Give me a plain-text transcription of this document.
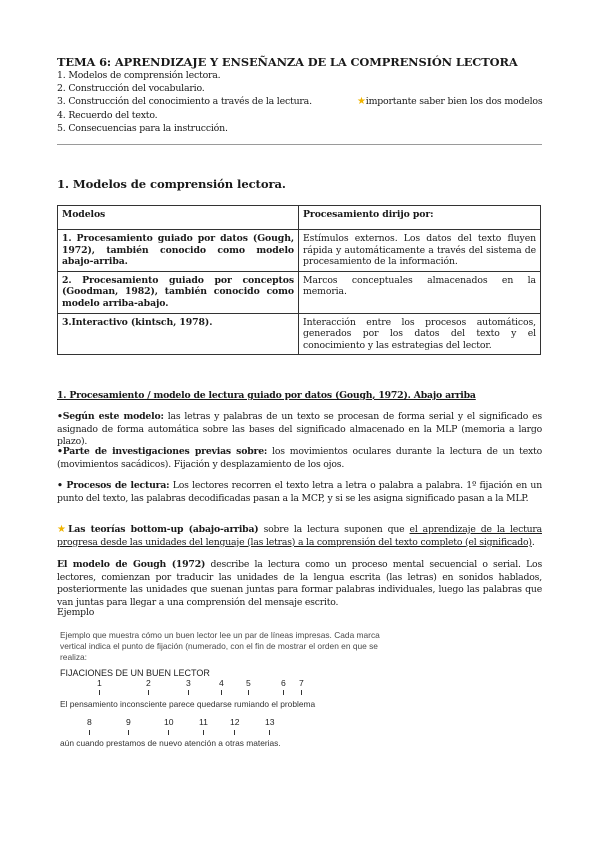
TEMA 6: APRENDIZAJE Y ENSEÑANZA DE LA COMPRENSIÓN LECTORA

1. Modelos de comprensión lectora.
2. Construcción del vocabulario.
3. Construcción del conocimiento a través de la lectura.	★importante saber bien los dos modelos
4. Recuerdo del texto.
5. Consecuencias para la instrucción.
1. Modelos de comprensión lectora.
Modelos	Procesamiento dirijo por:
1. Procesamiento guiado por datos (Gough, 1972), también conocido como modelo abajo-arriba.	Estímulos externos. Los datos del texto fluyen rápida y automáticamente a través del sistema de procesamiento de la información.
2. Procesamiento guiado por conceptos (Goodman, 1982), también conocido como modelo arriba-abajo.	Marcos conceptuales almacenados en la memoria.
3.Interactivo (kintsch, 1978).	Interacción entre los procesos automáticos, generados por los datos del texto y el conocimiento y las estrategias del lector.
1. Procesamiento / modelo de lectura guiado por datos (Gough, 1972). Abajo arriba
•Según este modelo: las letras y palabras de un texto se procesan de forma serial y el significado es asignado de forma automática sobre las bases del significado almacenado en la MLP (memoria a largo plazo).
•Parte de investigaciones previas sobre: los movimientos oculares durante la lectura de un texto (movimientos sacádicos). Fijación y desplazamiento de los ojos.
• Procesos de lectura: Los lectores recorren el texto letra a letra o palabra a palabra. 1º fijación en un punto del texto, las palabras decodificadas pasan a la MCP, y si se les asigna significado pasan a la MLP.
★Las teorías bottom-up (abajo-arriba) sobre la lectura suponen que el aprendizaje de la lectura progresa desde las unidades del lenguaje (las letras) a la comprensión del texto completo (el significado).
El modelo de Gough (1972) describe la lectura como un proceso mental secuencial o serial. Los lectores, comienzan por traducir las unidades de la lengua escrita (las letras) en sonidos hablados, posteriormente las unidades que suenan juntas para formar palabras individuales, luego las palabras que van juntas para llegar a una comprensión del mensaje escrito.
Ejemplo
Ejemplo que muestra cómo un buen lector lee un par de líneas impresas. Cada marca
vertical indica el punto de fijación (numerado, con el fin de mostrar el orden en que se
realiza:
FIJACIONES DE UN BUEN LECTOR
1	2	3	4	5	6 7
El pensamiento inconsciente parece quedarse rumiando el problema
8	9	10	11	12	13
aún cuando prestamos de nuevo atención a otras materias.
